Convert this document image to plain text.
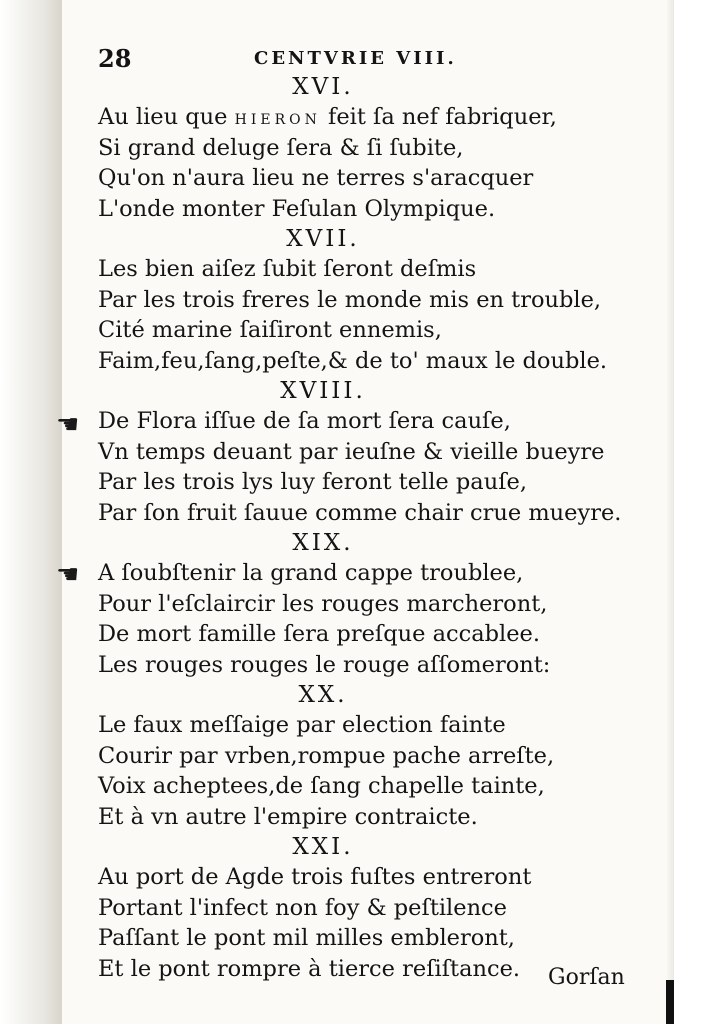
☚
☚
28	CENTVRIE VIII.
XVI.
Au lieu que HIERON feit ſa nef fabriquer,
Si grand deluge ſera & ſi ſubite,
Qu'on n'aura lieu ne terres s'aracquer
L'onde monter Feſulan Olympique.
XVII.
Les bien aiſez ſubit ſeront deſmis
Par les trois freres le monde mis en trouble,
Cité marine ſaiſiront ennemis,
Faim,feu,ſang,peſte,& de to' maux le double.
XVIII.
De Flora iſſue de ſa mort ſera cauſe,
Vn temps deuant par ieuſne & vieille bueyre
Par les trois lys luy feront telle pauſe,
Par ſon fruit ſauue comme chair crue mueyre.
XIX.
A ſoubſtenir la grand cappe troublee,
Pour l'eſclaircir les rouges marcheront,
De mort famille ſera preſque accablee.
Les rouges rouges le rouge aſſomeront:
XX.
Le faux meſſaige par election fainte
Courir par vrben,rompue pache arreſte,
Voix acheptees,de ſang chapelle tainte,
Et à vn autre l'empire contraicte.
XXI.
Au port de Agde trois fuſtes entreront
Portant l'infect non foy & peſtilence
Paſſant le pont mil milles embleront,
Et le pont rompre à tierce reſiſtance.	Gorſan
